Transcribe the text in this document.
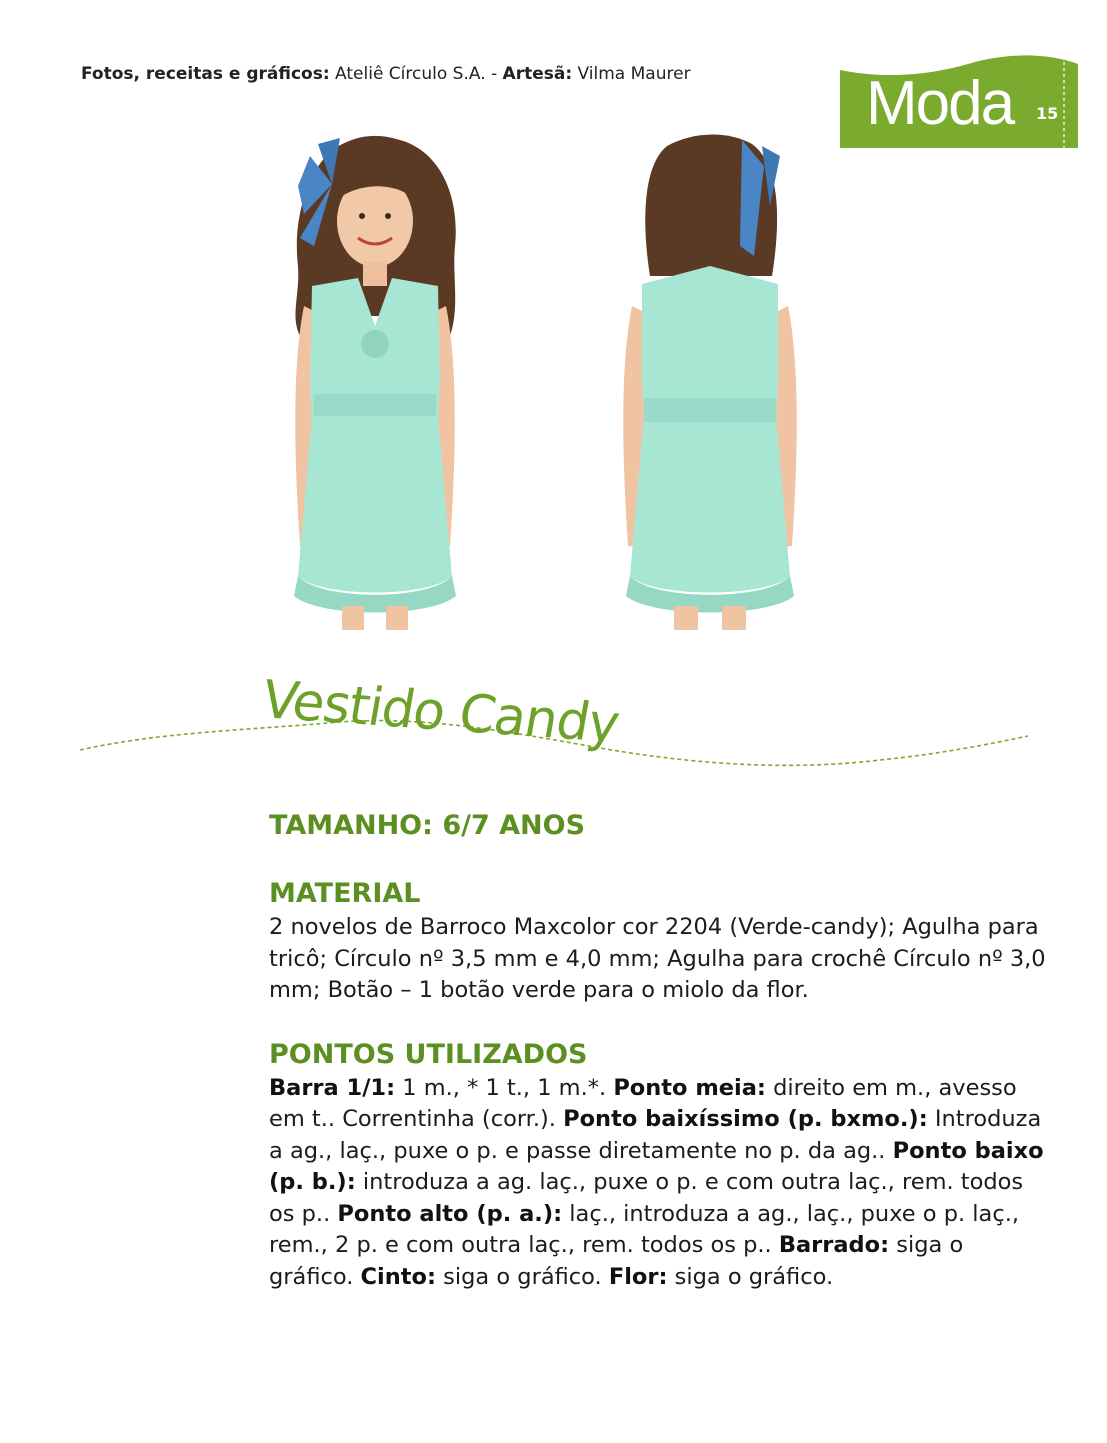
Fotos, receitas e gráficos: Ateliê Círculo S.A. - Artesã: Vilma Maurer	Moda 15
Vestido Candy
TAMANHO: 6/7 ANOS
MATERIAL

2 novelos de Barroco Maxcolor cor 2204 (Verde-candy); Agulha para tricô; Círculo nº 3,5 mm e 4,0 mm; Agulha para crochê Círculo nº 3,0 mm; Botão – 1 botão verde para o miolo da flor.

PONTOS UTILIZADOS

Barra 1/1: 1 m., * 1 t., 1 m.*. Ponto meia: direito em m., avesso em t.. Correntinha (corr.). Ponto baixíssimo (p. bxmo.): Introduza a ag., laç., puxe o p. e passe diretamente no p. da ag.. Ponto baixo (p. b.): introduza a ag. laç., puxe o p. e com outra laç., rem. todos os p.. Ponto alto (p. a.): laç., introduza a ag., laç., puxe o p. laç., rem., 2 p. e com outra laç., rem. todos os p.. Barrado: siga o gráfico. Cinto: siga o gráfico. Flor: siga o gráfico.
